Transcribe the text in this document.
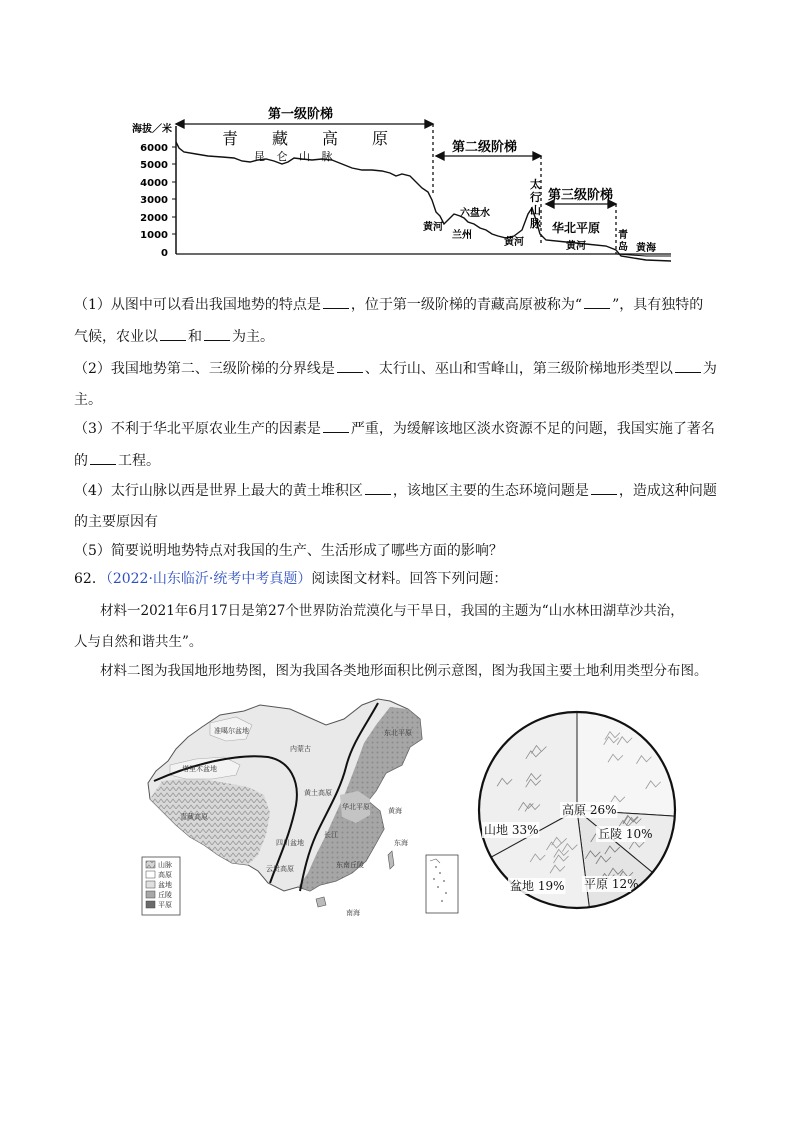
海拔／米
6000
5000
4000
3000
2000
1000
0
第一级阶梯
第二级阶梯
第三级阶梯
青 藏 高 原
昆 仑 山 脉
黄河
兰州
六盘水
黄河	黄河	黄海
太
行
山
脉 华北平原
青
岛
（1）从图中可以看出我国地势的特点是 ，位于第一级阶梯的青藏高原被称为“ ”，具有独特的
气候，农业以 和 为主。
（2）我国地势第二、三级阶梯的分界线是 、太行山、巫山和雪峰山，第三级阶梯地形类型以 为
主。
（3）不利于华北平原农业生产的因素是 严重，为缓解该地区淡水资源不足的问题，我国实施了著名
的 工程。
（4）太行山脉以西是世界上最大的黄土堆积区 ，该地区主要的生态环境问题是 ，造成这种问题
的主要原因有
（5）简要说明地势特点对我国的生产、生活形成了哪些方面的影响？
62．（2022·山东临沂·统考中考真题）阅读图文材料。回答下列问题：
材料一2021年6月17日是第27个世界防治荒漠化与干旱日，我国的主题为“山水林田湖草沙共治，
人与自然和谐共生”。
材料二图为我国地形地势图，图为我国各类地形面积比例示意图，图为我国主要土地利用类型分布图。
准噶尔盆地
塔里木盆地
青藏高原
内蒙古
黄土高原
四川盆地
云贵高原	东南丘陵
华北平原
东北平原
长江
黄海
东海
南海
山脉
高原
盆地
丘陵
平原
山地 33%
高原 26%
丘陵 10%
平原 12%
盆地 19%
